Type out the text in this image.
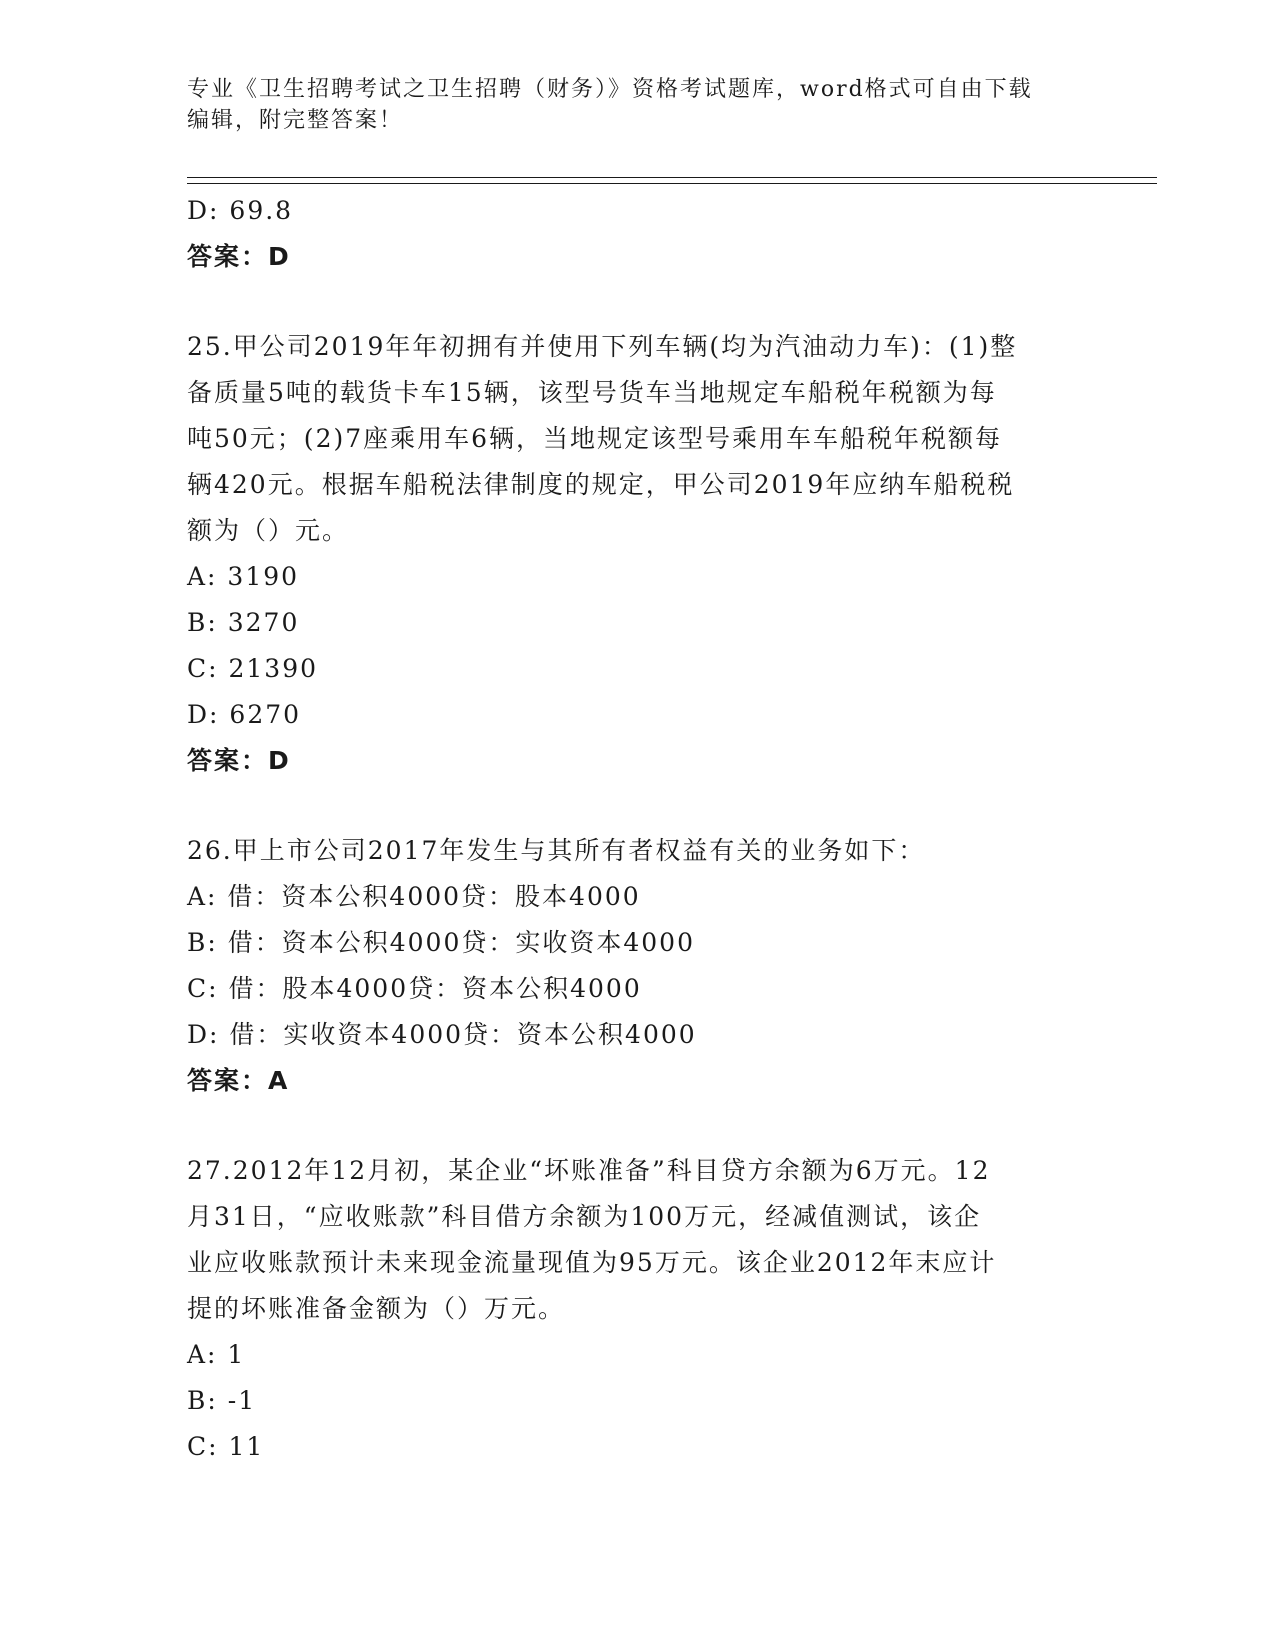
专业《卫生招聘考试之卫生招聘（财务）》资格考试题库，word格式可自由下载
编辑，附完整答案！
D: 69.8
答案：D
25.甲公司2019年年初拥有并使用下列车辆(均为汽油动力车)：(1)整
备质量5吨的载货卡车15辆，该型号货车当地规定车船税年税额为每
吨50元；(2)7座乘用车6辆，当地规定该型号乘用车车船税年税额每
辆420元。根据车船税法律制度的规定，甲公司2019年应纳车船税税
额为（）元。
A: 3190
B: 3270
C: 21390
D: 6270
答案：D
26.甲上市公司2017年发生与其所有者权益有关的业务如下：
A: 借：资本公积4000贷：股本4000
B: 借：资本公积4000贷：实收资本4000
C: 借：股本4000贷：资本公积4000
D: 借：实收资本4000贷：资本公积4000
答案：A
27.2012年12月初，某企业“坏账准备”科目贷方余额为6万元。12
月31日，“应收账款”科目借方余额为100万元，经减值测试，该企
业应收账款预计未来现金流量现值为95万元。该企业2012年末应计
提的坏账准备金额为（）万元。
A: 1
B: -1
C: 11
